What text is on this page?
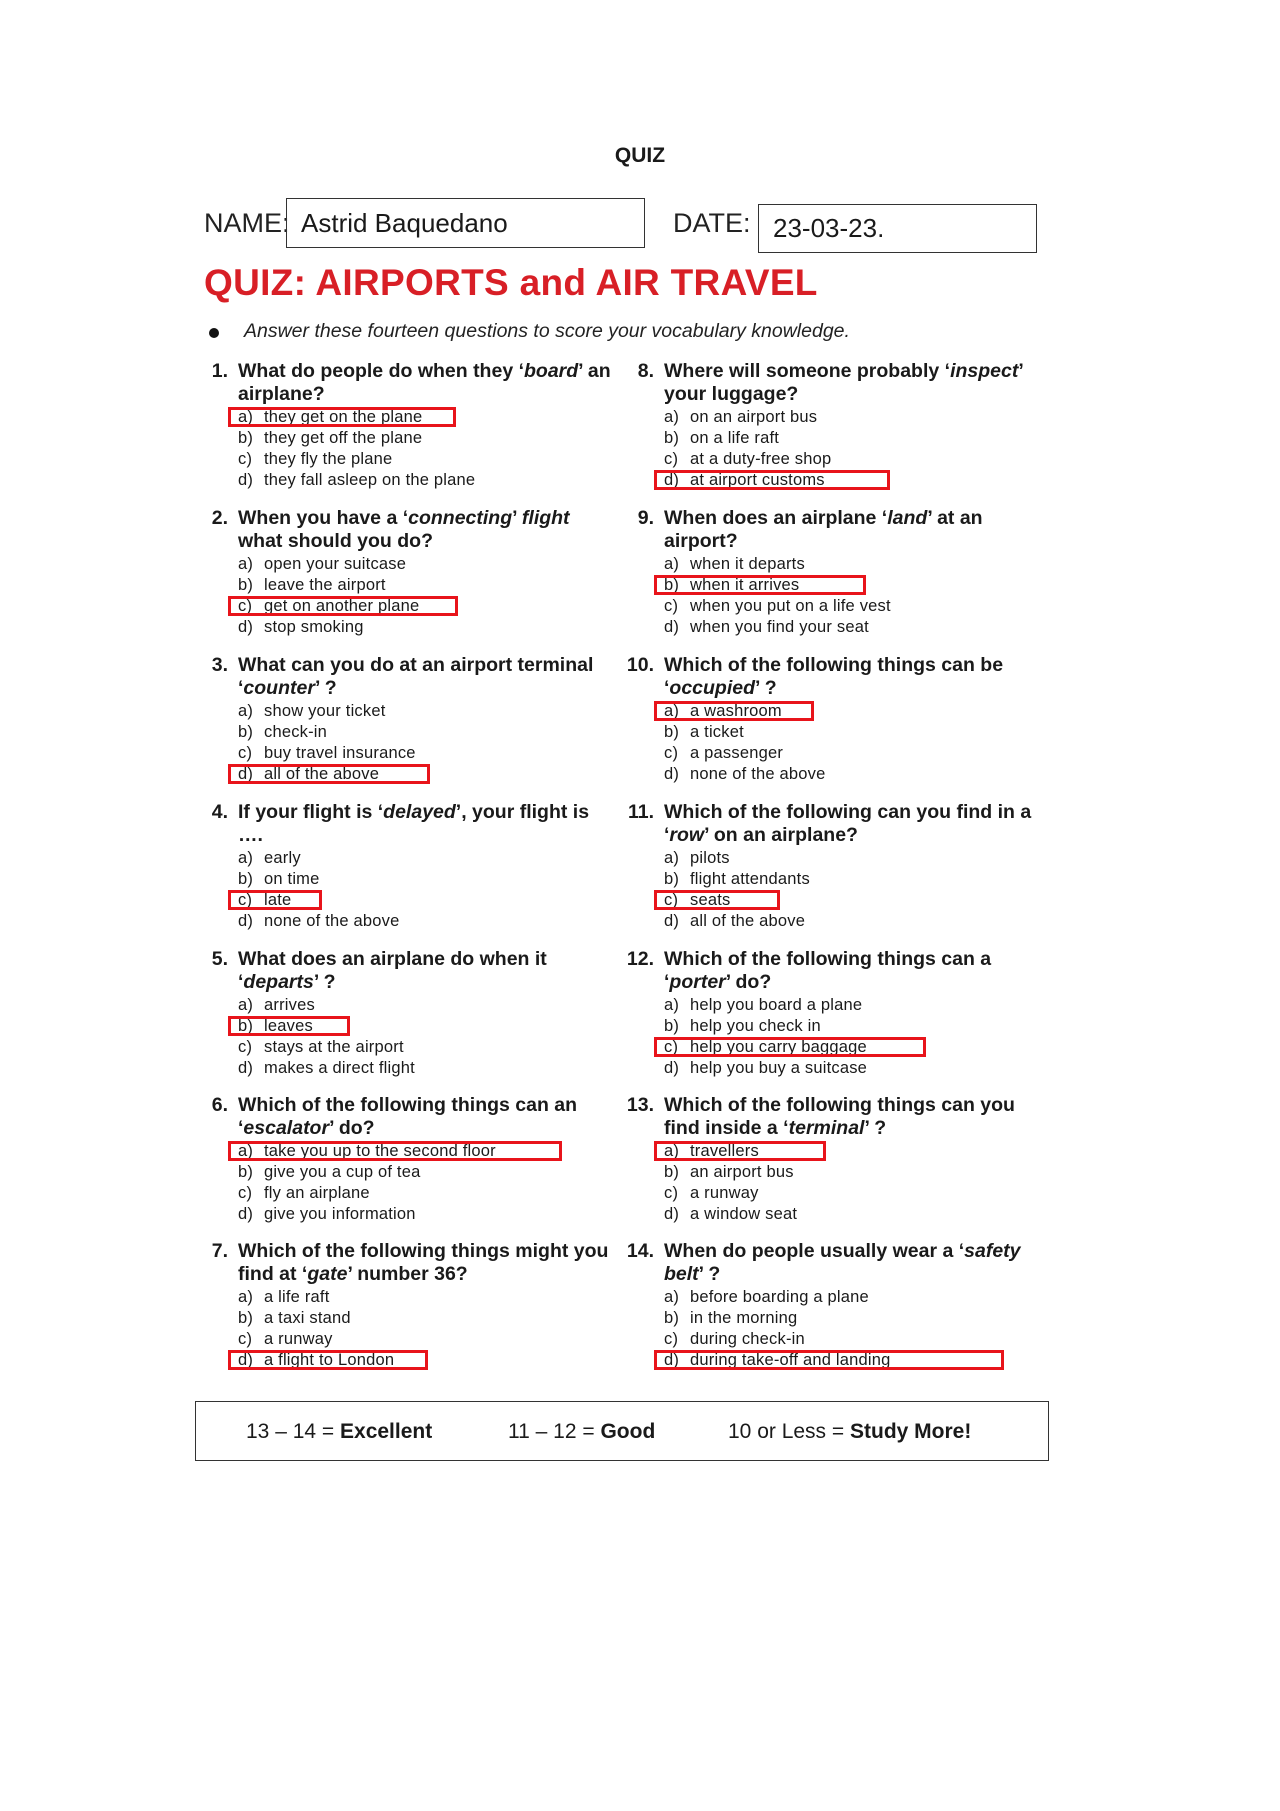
QUIZ
NAME: Astrid Baquedano	DATE: 23-03-23.
QUIZ: AIRPORTS and AIR TRAVEL
Answer these fourteen questions to score your vocabulary knowledge.
1. What do people do when they ‘board’ an airplane?
a) they get on the plane
b) they get off the plane
c) they fly the plane
d) they fall asleep on the plane
2. When you have a ‘connecting’ flight what should you do?
a) open your suitcase
b) leave the airport
c) get on another plane
d) stop smoking
3. What can you do at an airport terminal ‘counter’ ?
a) show your ticket
b) check-in
c) buy travel insurance
d) all of the above
4. If your flight is ‘delayed’, your flight is ….
a) early
b) on time
c) late
d) none of the above
5. What does an airplane do when it ‘departs’ ?
a) arrives
b) leaves
c) stays at the airport
d) makes a direct flight
6. Which of the following things can an ‘escalator’ do?
a) take you up to the second floor
b) give you a cup of tea
c) fly an airplane
d) give you information
7. Which of the following things might you find at ‘gate’ number 36?
a) a life raft
b) a taxi stand
c) a runway
d) a flight to London
8. Where will someone probably ‘inspect’ your luggage?
a) on an airport bus
b) on a life raft
c) at a duty-free shop
d) at airport customs
9. When does an airplane ‘land’ at an airport?
a) when it departs
b) when it arrives
c) when you put on a life vest
d) when you find your seat
10. Which of the following things can be ‘occupied’ ?
a) a washroom
b) a ticket
c) a passenger
d) none of the above
11. Which of the following can you find in a ‘row’ on an airplane?
a) pilots
b) flight attendants
c) seats
d) all of the above
12. Which of the following things can a ‘porter’ do?
a) help you board a plane
b) help you check in
c) help you carry baggage
d) help you buy a suitcase
13. Which of the following things can you find inside a ‘terminal’ ?
a) travellers
b) an airport bus
c) a runway
d) a window seat
14. When do people usually wear a ‘safety belt’ ?
a) before boarding a plane
b) in the morning
c) during check-in
d) during take-off and landing
13 – 14 = Excellent	11 – 12 = Good	10 or Less = Study More!
